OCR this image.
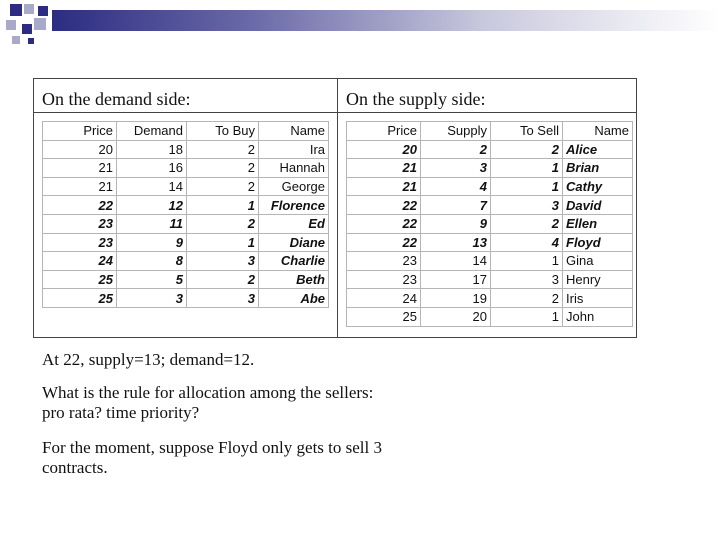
On the demand side:	On the supply side:
Price	Demand	To Buy	Name
20	18	2	Ira
21	16	2	Hannah
21	14	2	George
22	12	1	Florence
23	11	2	Ed
23	9	1	Diane
24	8	3	Charlie
25	5	2	Beth
25	3	3	Abe
Price	Supply	To Sell	Name
20	2	2	Alice
21	3	1	Brian
21	4	1	Cathy
22	7	3	David
22	9	2	Ellen
22	13	4	Floyd
23	14	1	Gina
23	17	3	Henry
24	19	2	Iris
25	20	1	John
At 22, supply=13; demand=12.
What is the rule for allocation among the sellers:
pro rata? time priority?
For the moment, suppose Floyd only gets to sell 3
contracts.
